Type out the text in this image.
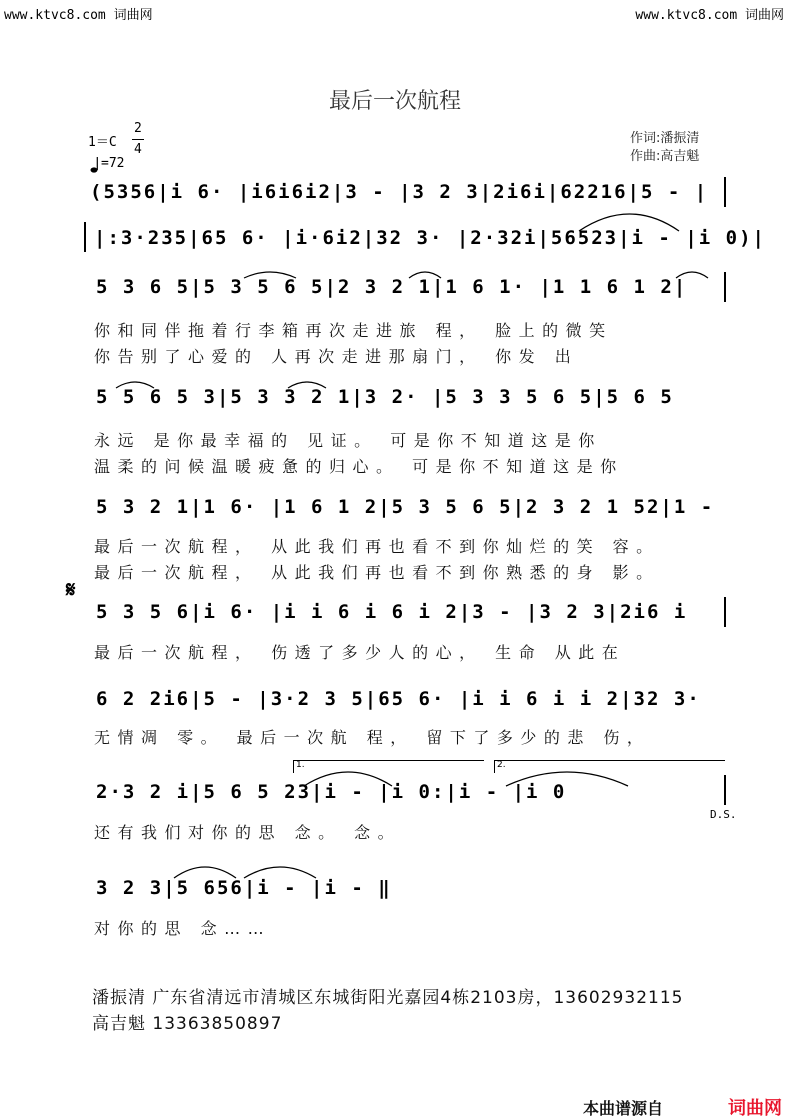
www.ktvc8.com 词曲网	www.ktvc8.com 词曲网
最后一次航程
1＝C
2
4
=72
作词:潘振清
作曲:高吉魁
(5356|i 6· |i6i6i2|3 - |3 2 3|2i6i|62216|5 - |
|:3·235|65 6· |i·6i2|32 3· |2·32i|56523|i - |i 0)|
5 3 6 5|5 3 5 6 5|2 3 2 1|1 6 1· |1 1 6 1 2|
你和同伴拖着行李箱再次走进旅 程， 脸上的微笑
你告别了心爱的 人再次走进那扇门， 你发 出
5 5 6 5 3|5 3 3 2 1|3 2· |5 3 3 5 6 5|5 6 5
永远 是你最幸福的 见证。 可是你不知道这是你
温柔的问候温暖疲惫的归心。 可是你不知道这是你
5 3 2 1|1 6· |1 6 1 2|5 3 5 6 5|2 3 2 1 52|1 -
最后一次航程， 从此我们再也看不到你灿烂的笑 容。
最后一次航程， 从此我们再也看不到你熟悉的身 影。
𝄋
5 3 5 6|i 6· |i i 6 i 6 i 2|3 - |3 2 3|2i6 i
最后一次航程， 伤透了多少人的心， 生命 从此在
6 2 2i6|5 - |3·2 3 5|65 6· |i i 6 i i 2|32 3·
无情凋 零。 最后一次航 程， 留下了多少的悲 伤，
1.	2.
2·3 2 i|5 6 5 23|i - |i 0:|i - |i 0
D.S.
还有我们对你的思 念。 念。
3 2 3|5 656|i - |i - ‖
对你的思 念……
潘振清 广东省清远市清城区东城街阳光嘉园4栋2103房，13602932115
高吉魁 13363850897
本曲谱源自	词曲网
